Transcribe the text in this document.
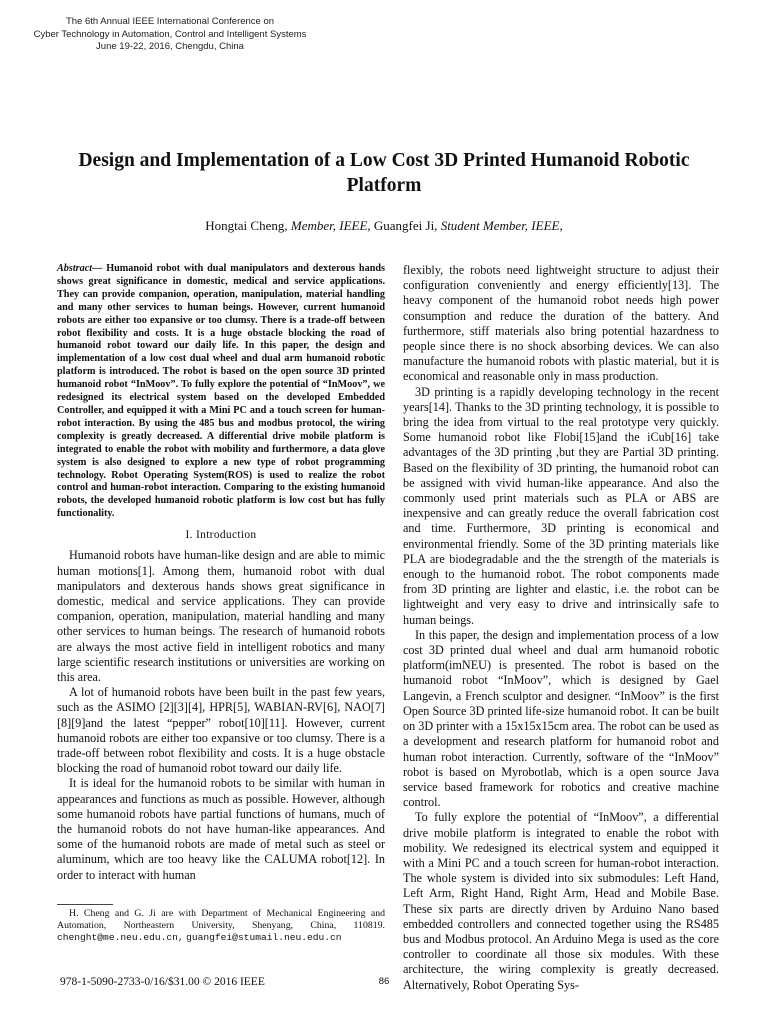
The 6th Annual IEEE International Conference on
Cyber Technology in Automation, Control and Intelligent Systems
June 19-22, 2016, Chengdu, China
Design and Implementation of a Low Cost 3D Printed Humanoid Robotic Platform
Hongtai Cheng, Member, IEEE, Guangfei Ji, Student Member, IEEE,

Abstract— Humanoid robot with dual manipulators and dexterous hands shows great significance in domestic, medical and service applications. They can provide companion, operation, manipulation, material handling and many other services to human beings. However, current humanoid robots are either too expansive or too clumsy. There is a trade-off between robot flexibility and costs. It is a huge obstacle blocking the road of humanoid robot toward our daily life. In this paper, the design and implementation of a low cost dual wheel and dual arm humanoid robotic platform is introduced. The robot is based on the open source 3D printed humanoid robot “InMoov”. To fully explore the potential of “InMoov”, we redesigned its electrical system based on the developed Embedded Controller, and equipped it with a Mini PC and a touch screen for human-robot interaction. By using the 485 bus and modbus protocol, the wiring complexity is greatly decreased. A differential drive mobile platform is integrated to enable the robot with mobility and furthermore, a data glove system is also designed to explore a new type of robot programming technology. Robot Operating System(ROS) is used to realize the robot control and human-robot interaction. Comparing to the existing humanoid robots, the developed humanoid robotic platform is low cost but has fully functionality.

I. Introduction

Humanoid robots have human-like design and are able to mimic human motions[1]. Among them, humanoid robot with dual manipulators and dexterous hands shows great significance in domestic, medical and service applications. They can provide companion, operation, manipulation, material handling and many other services to human beings. The research of humanoid robots are always the most active field in intelligent robotics and many large scientific research institutions or universities are working on this area.

A lot of humanoid robots have been built in the past few years, such as the ASIMO [2][3][4], HPR[5], WABIAN-RV[6], NAO[7][8][9]and the latest “pepper” robot[10][11]. However, current humanoid robots are either too expansive or too clumsy. There is a trade-off between robot flexibility and costs. It is a huge obstacle blocking the road of humanoid robot toward our daily life.

It is ideal for the humanoid robots to be similar with human in appearances and functions as much as possible. However, although some humanoid robots have partial functions of humans, much of the humanoid robots do not have human-like appearances. And some of the humanoid robots are made of metal such as steel or aluminum, which are too heavy like the CALUMA robot[12]. In order to interact with human

flexibly, the robots need lightweight structure to adjust their configuration conveniently and energy efficiently[13]. The heavy component of the humanoid robot needs high power consumption and reduce the duration of the battery. And furthermore, stiff materials also bring potential hazardness to people since there is no shock absorbing devices. We can also manufacture the humanoid robots with plastic material, but it is economical and reasonable only in mass production.

3D printing is a rapidly developing technology in the recent years[14]. Thanks to the 3D printing technology, it is possible to bring the idea from virtual to the real prototype very quickly. Some humanoid robot like Flobi[15]and the iCub[16] take advantages of the 3D printing ,but they are Partial 3D printing. Based on the flexibility of 3D printing, the humanoid robot can be assigned with vivid human-like appearance. And also the commonly used print materials such as PLA or ABS are inexpensive and can greatly reduce the overall fabrication cost and time. Furthermore, 3D printing is economical and environmental friendly. Some of the 3D printing materials like PLA are biodegradable and the the strength of the materials is enough to the humanoid robot. The robot components made from 3D printing are lighter and elastic, i.e. the robot can be lightweight and very easy to drive and intrinsically safe to human beings.

In this paper, the design and implementation process of a low cost 3D printed dual wheel and dual arm humanoid robotic platform(imNEU) is presented. The robot is based on the humanoid robot “InMoov”, which is designed by Gael Langevin, a French sculptor and designer. “InMoov” is the first Open Source 3D printed life-size humanoid robot. It can be built on 3D printer with a 15x15x15cm area. The robot can be used as a development and research platform for humanoid robot and human robot interaction. Currently, software of the “InMoov” robot is based on Myrobotlab, which is a open source Java service based framework for robotics and creative machine control.

To fully explore the potential of “InMoov”, a differential drive mobile platform is integrated to enable the robot with mobility. We redesigned its electrical system and equipped it with a Mini PC and a touch screen for human-robot interaction. The whole system is divided into six submodules: Left Hand, Left Arm, Right Hand, Right Arm, Head and Mobile Base. These six parts are directly driven by Arduino Nano based embedded controllers and connected together using the RS485 bus and Modbus protocol. An Arduino Mega is used as the core controller to coordinate all those six modules. With these architecture, the wiring complexity is greatly decreased. Alternatively, Robot Operating Sys-

H. Cheng and G. Ji are with Department of Mechanical Engineering and Automation, Northeastern University, Shenyang, China, 110819. chenght@me.neu.edu.cn, guangfei@stumail.neu.edu.cn

978-1-5090-2733-0/16/$31.00 © 2016 IEEE	86
